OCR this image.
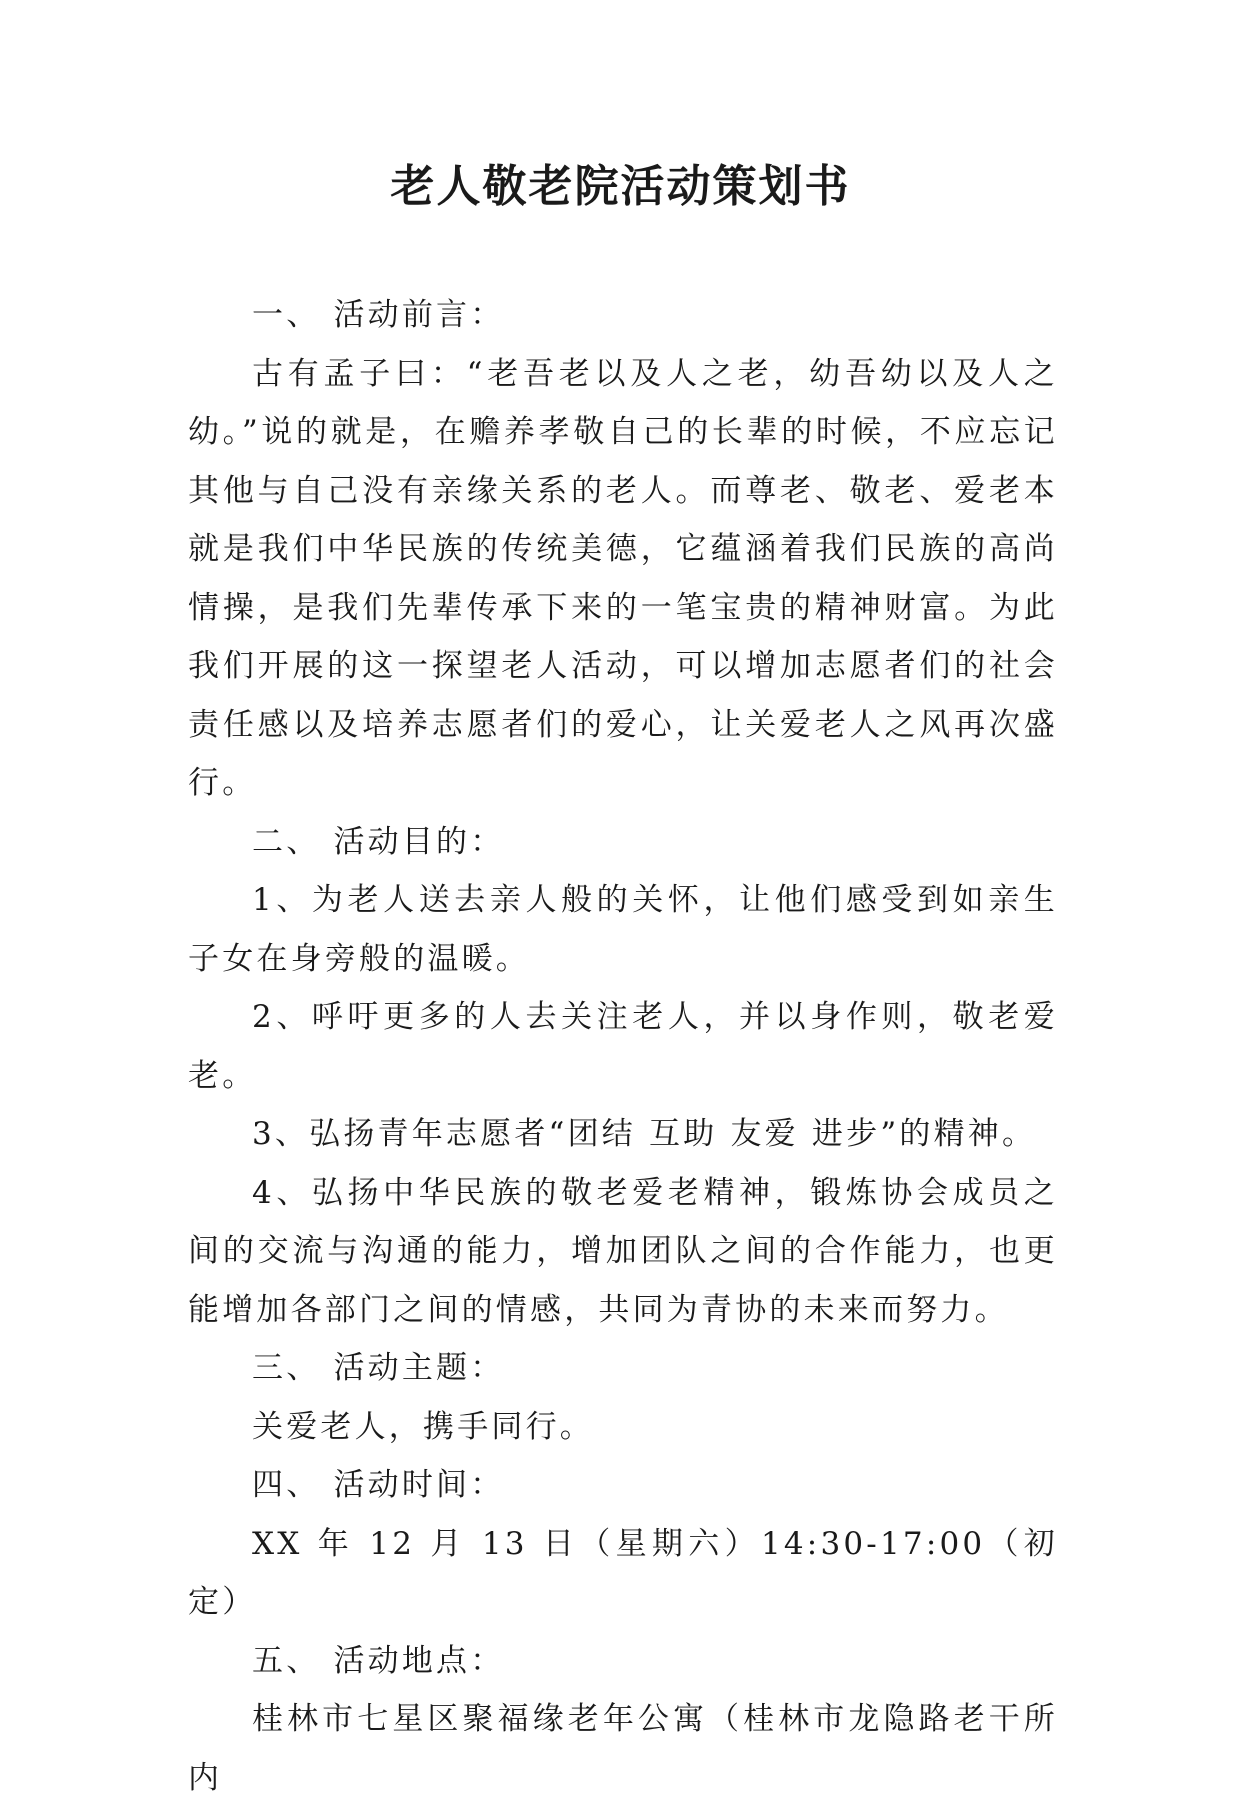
老人敬老院活动策划书

一、 活动前言：

古有孟子曰：“老吾老以及人之老，幼吾幼以及人之幼。”说的就是，在赡养孝敬自己的长辈的时候，不应忘记其他与自己没有亲缘关系的老人。而尊老、敬老、爱老本就是我们中华民族的传统美德，它蕴涵着我们民族的高尚情操，是我们先辈传承下来的一笔宝贵的精神财富。为此我们开展的这一探望老人活动，可以增加志愿者们的社会责任感以及培养志愿者们的爱心，让关爱老人之风再次盛行。

二、 活动目的：

1、为老人送去亲人般的关怀，让他们感受到如亲生子女在身旁般的温暖。

2、呼吁更多的人去关注老人，并以身作则，敬老爱老。

3、弘扬青年志愿者“团结 互助 友爱 进步”的精神。

4、弘扬中华民族的敬老爱老精神，锻炼协会成员之间的交流与沟通的能力，增加团队之间的合作能力，也更能增加各部门之间的情感，共同为青协的未来而努力。

三、 活动主题：

关爱老人，携手同行。

四、 活动时间：

XX 年 12 月 13 日（星期六）14:30-17:00（初定）

五、 活动地点：

桂林市七星区聚福缘老年公寓（桂林市龙隐路老干所内
